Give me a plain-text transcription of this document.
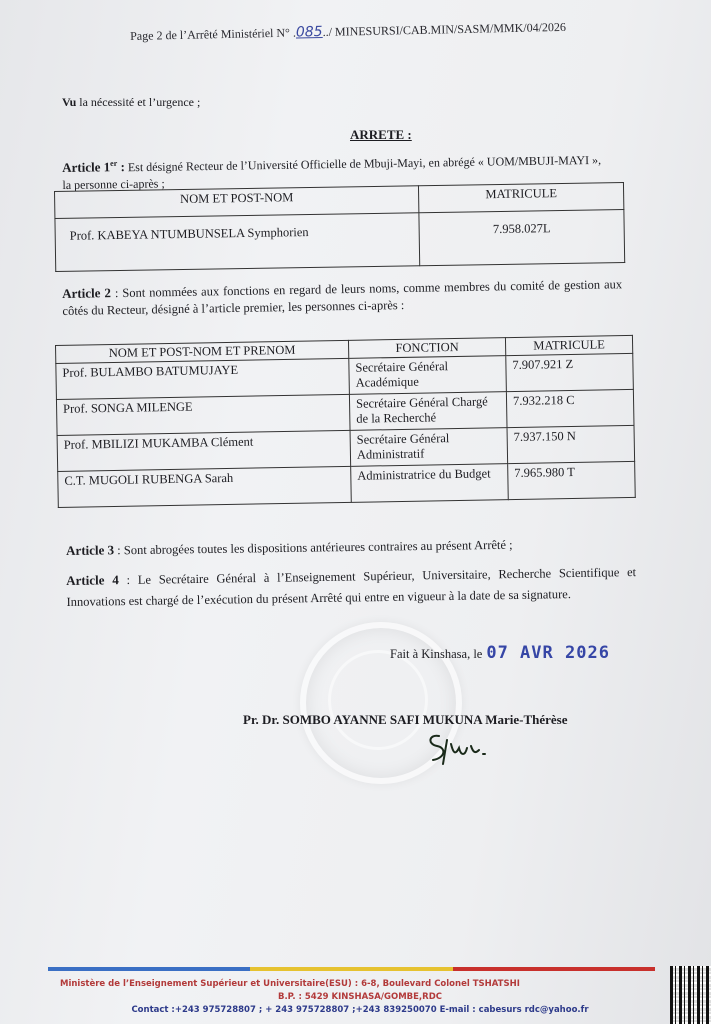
Page 2 de l’Arrêté Ministériel N° .085../ MINESURSI/CAB.MIN/SASM/MMK/04/2026
Vu la nécessité et l’urgence ;
ARRETE :
Article 1er : Est désigné Recteur de l’Université Officielle de Mbuji-Mayi, en abrégé « UOM/MBUJI-MAYI », la personne ci-après ;
NOM ET POST-NOM	MATRICULE
Prof. KABEYA NTUMBUNSELA Symphorien	7.958.027L
Article 2 : Sont nommées aux fonctions en regard de leurs noms, comme membres du comité de gestion aux côtés du Recteur, désigné à l’article premier, les personnes ci-après :
NOM ET POST-NOM ET PRENOM	FONCTION	MATRICULE
Prof. BULAMBO BATUMUJAYE	Secrétaire Général Académique	7.907.921 Z
Prof. SONGA MILENGE	Secrétaire Général Chargé de la Recherché	7.932.218 C
Prof. MBILIZI MUKAMBA Clément	Secrétaire Général Administratif	7.937.150 N
C.T. MUGOLI RUBENGA Sarah	Administratrice du Budget	7.965.980 T
Article 3 : Sont abrogées toutes les dispositions antérieures contraires au présent Arrêté ;
Article 4 : Le Secrétaire Général à l’Enseignement Supérieur, Universitaire, Recherche Scientifique et Innovations est chargé de l’exécution du présent Arrêté qui entre en vigueur à la date de sa signature.
Fait à Kinshasa, le 07 AVR 2026
Pr. Dr. SOMBO AYANNE SAFI MUKUNA Marie-Thérèse
Ministère de l’Enseignement Supérieur et Universitaire(ESU) : 6-8, Boulevard Colonel TSHATSHI
B.P. : 5429 KINSHASA/GOMBE,RDC
Contact :+243 975728807 ; + 243 975728807 ;+243 839250070 E-mail : cabesurs rdc@yahoo.fr
